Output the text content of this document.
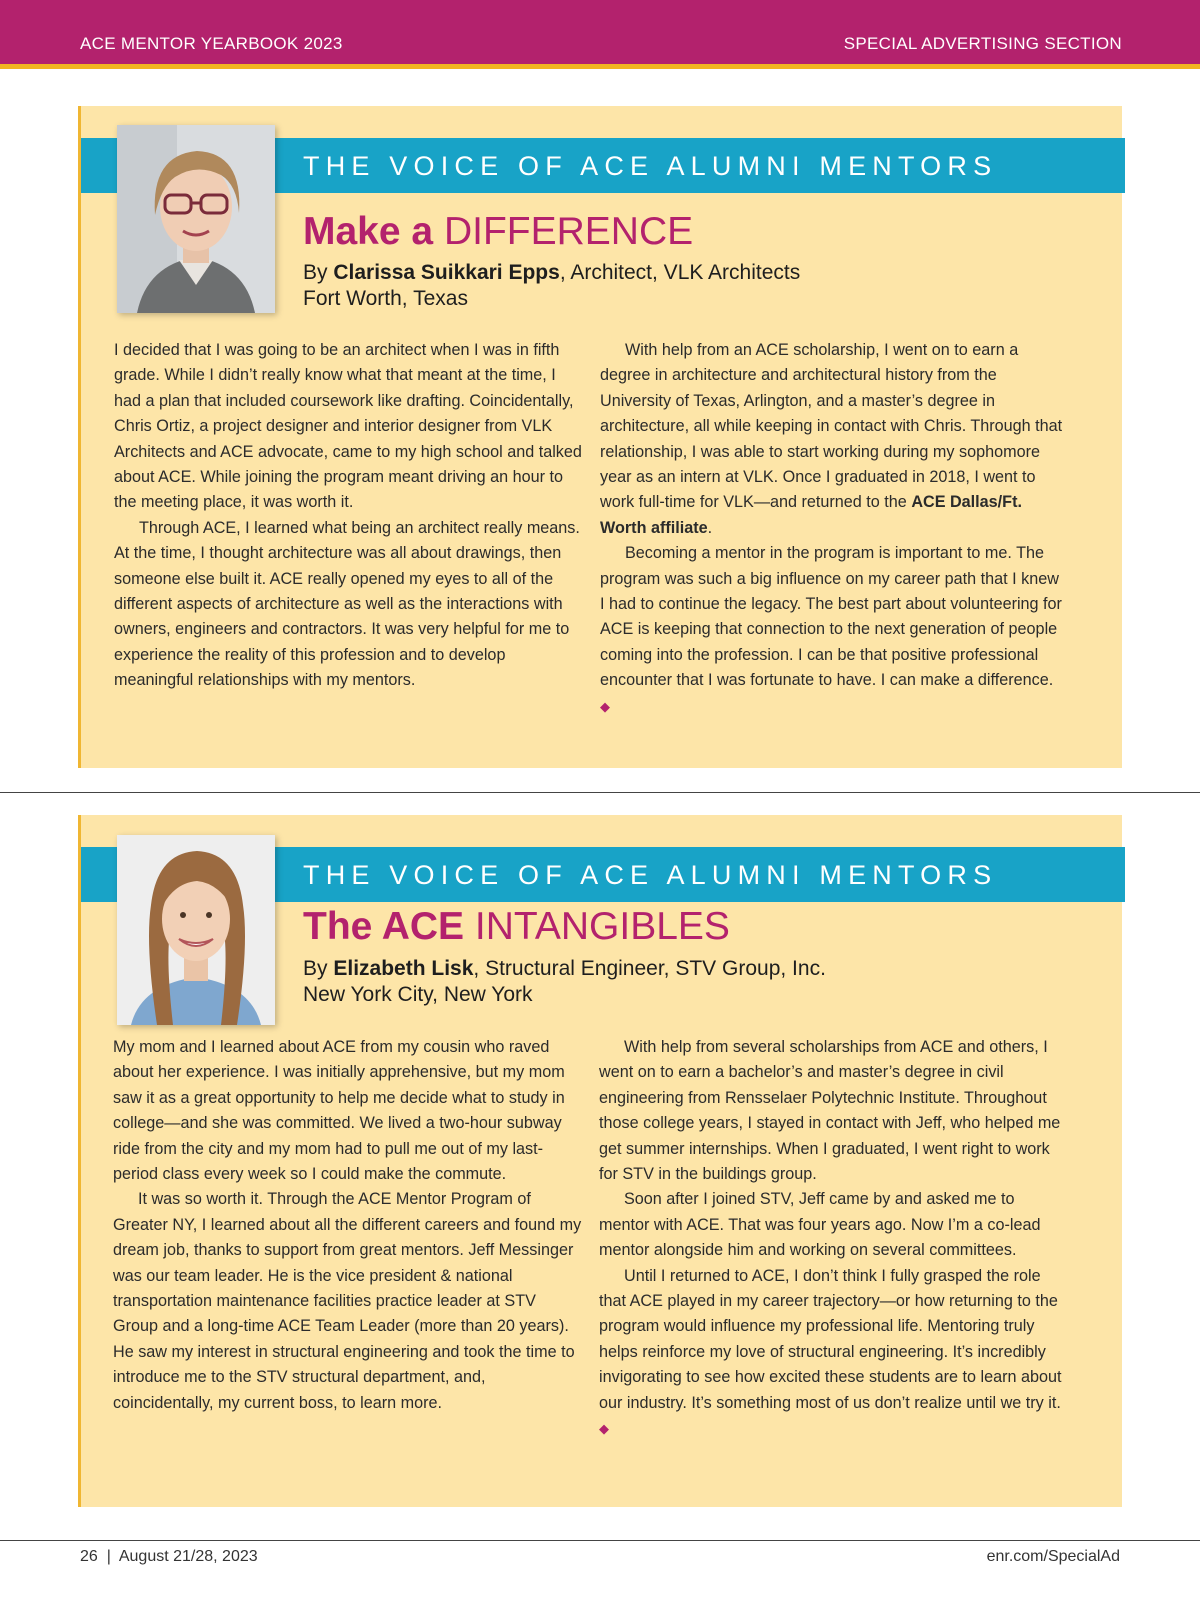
ACE MENTOR YEARBOOK 2023	SPECIAL ADVERTISING SECTION
THE VOICE OF ACE ALUMNI MENTORS
Make a DIFFERENCE
By Clarissa Suikkari Epps, Architect, VLK Architects
Fort Worth, Texas

I decided that I was going to be an architect when I was in fifth grade. While I didn’t really know what that meant at the time, I had a plan that included coursework like drafting. Coincidentally, Chris Ortiz, a project designer and interior designer from VLK Architects and ACE advocate, came to my high school and talked about ACE. While joining the program meant driving an hour to the meeting place, it was worth it.

Through ACE, I learned what being an architect really means. At the time, I thought architecture was all about drawings, then someone else built it. ACE really opened my eyes to all of the different aspects of architecture as well as the interactions with owners, engineers and contractors. It was very helpful for me to experience the reality of this profession and to develop meaningful relationships with my mentors.

With help from an ACE scholarship, I went on to earn a degree in architecture and architectural history from the University of Texas, Arlington, and a master’s degree in architecture, all while keeping in contact with Chris. Through that relationship, I was able to start working during my sophomore year as an intern at VLK. Once I graduated in 2018, I went to work full-time for VLK—and returned to the ACE Dallas/Ft. Worth affiliate.

Becoming a mentor in the program is important to me. The program was such a big influence on my career path that I knew I had to continue the legacy. The best part about volunteering for ACE is keeping that connection to the next generation of people coming into the profession. I can be that positive professional encounter that I was fortunate to have. I can make a difference. ◆

THE VOICE OF ACE ALUMNI MENTORS
The ACE INTANGIBLES
By Elizabeth Lisk, Structural Engineer, STV Group, Inc.
New York City, New York

My mom and I learned about ACE from my cousin who raved about her experience. I was initially apprehensive, but my mom saw it as a great opportunity to help me decide what to study in college—and she was committed. We lived a two-hour subway ride from the city and my mom had to pull me out of my last-period class every week so I could make the commute.

It was so worth it. Through the ACE Mentor Program of Greater NY, I learned about all the different careers and found my dream job, thanks to support from great mentors. Jeff Messinger was our team leader. He is the vice president & national transportation maintenance facilities practice leader at STV Group and a long-time ACE Team Leader (more than 20 years). He saw my interest in structural engineering and took the time to introduce me to the STV structural department, and, coincidentally, my current boss, to learn more.

With help from several scholarships from ACE and others, I went on to earn a bachelor’s and master’s degree in civil engineering from Rensselaer Polytechnic Institute. Throughout those college years, I stayed in contact with Jeff, who helped me get summer internships. When I graduated, I went right to work for STV in the buildings group.

Soon after I joined STV, Jeff came by and asked me to mentor with ACE. That was four years ago. Now I’m a co-lead mentor alongside him and working on several committees.

Until I returned to ACE, I don’t think I fully grasped the role that ACE played in my career trajectory—or how returning to the program would influence my professional life. Mentoring truly helps reinforce my love of structural engineering. It’s incredibly invigorating to see how excited these students are to learn about our industry. It’s something most of us don’t realize until we try it. ◆

26  |  August 21/28, 2023	enr.com/SpecialAd
